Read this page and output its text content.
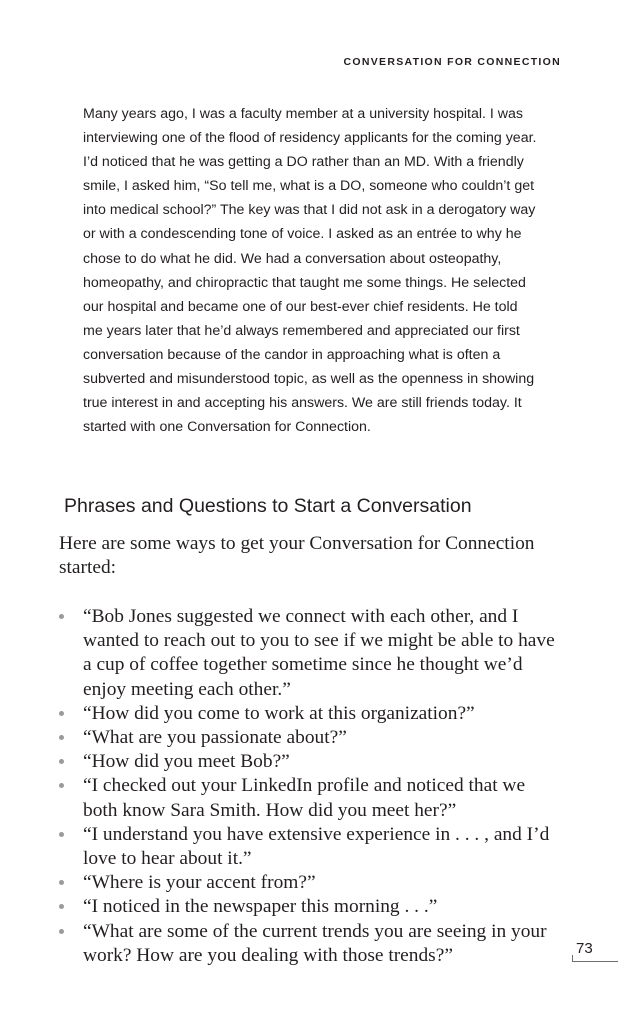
CONVERSATION FOR CONNECTION

Many years ago, I was a faculty member at a university hospital. I was interviewing one of the flood of residency applicants for the coming year. I’d noticed that he was getting a DO rather than an MD. With a friendly smile, I asked him, “So tell me, what is a DO, someone who couldn’t get into medical school?” The key was that I did not ask in a derogatory way or with a condescending tone of voice. I asked as an entrée to why he chose to do what he did. We had a conversation about osteopathy, homeopathy, and chiropractic that taught me some things. He selected our hospital and became one of our best-ever chief residents. He told me years later that he’d always remembered and appreciated our first conversation because of the candor in approaching what is often a subverted and misunderstood topic, as well as the openness in showing true interest in and accepting his answers. We are still friends today. It started with one Conversation for Connection.

Phrases and Questions to Start a Conversation

Here are some ways to get your Conversation for Connection started:

“Bob Jones suggested we connect with each other, and I wanted to reach out to you to see if we might be able to have a cup of coffee together sometime since he thought we’d enjoy meeting each other.”
“How did you come to work at this organization?”
“What are you passionate about?”
“How did you meet Bob?”
“I checked out your LinkedIn profile and noticed that we both know Sara Smith. How did you meet her?”
“I understand you have extensive experience in . . . , and I’d love to hear about it.”
“Where is your accent from?”
“I noticed in the newspaper this morning . . .”
“What are some of the current trends you are seeing in your work? How are you dealing with those trends?”	73
